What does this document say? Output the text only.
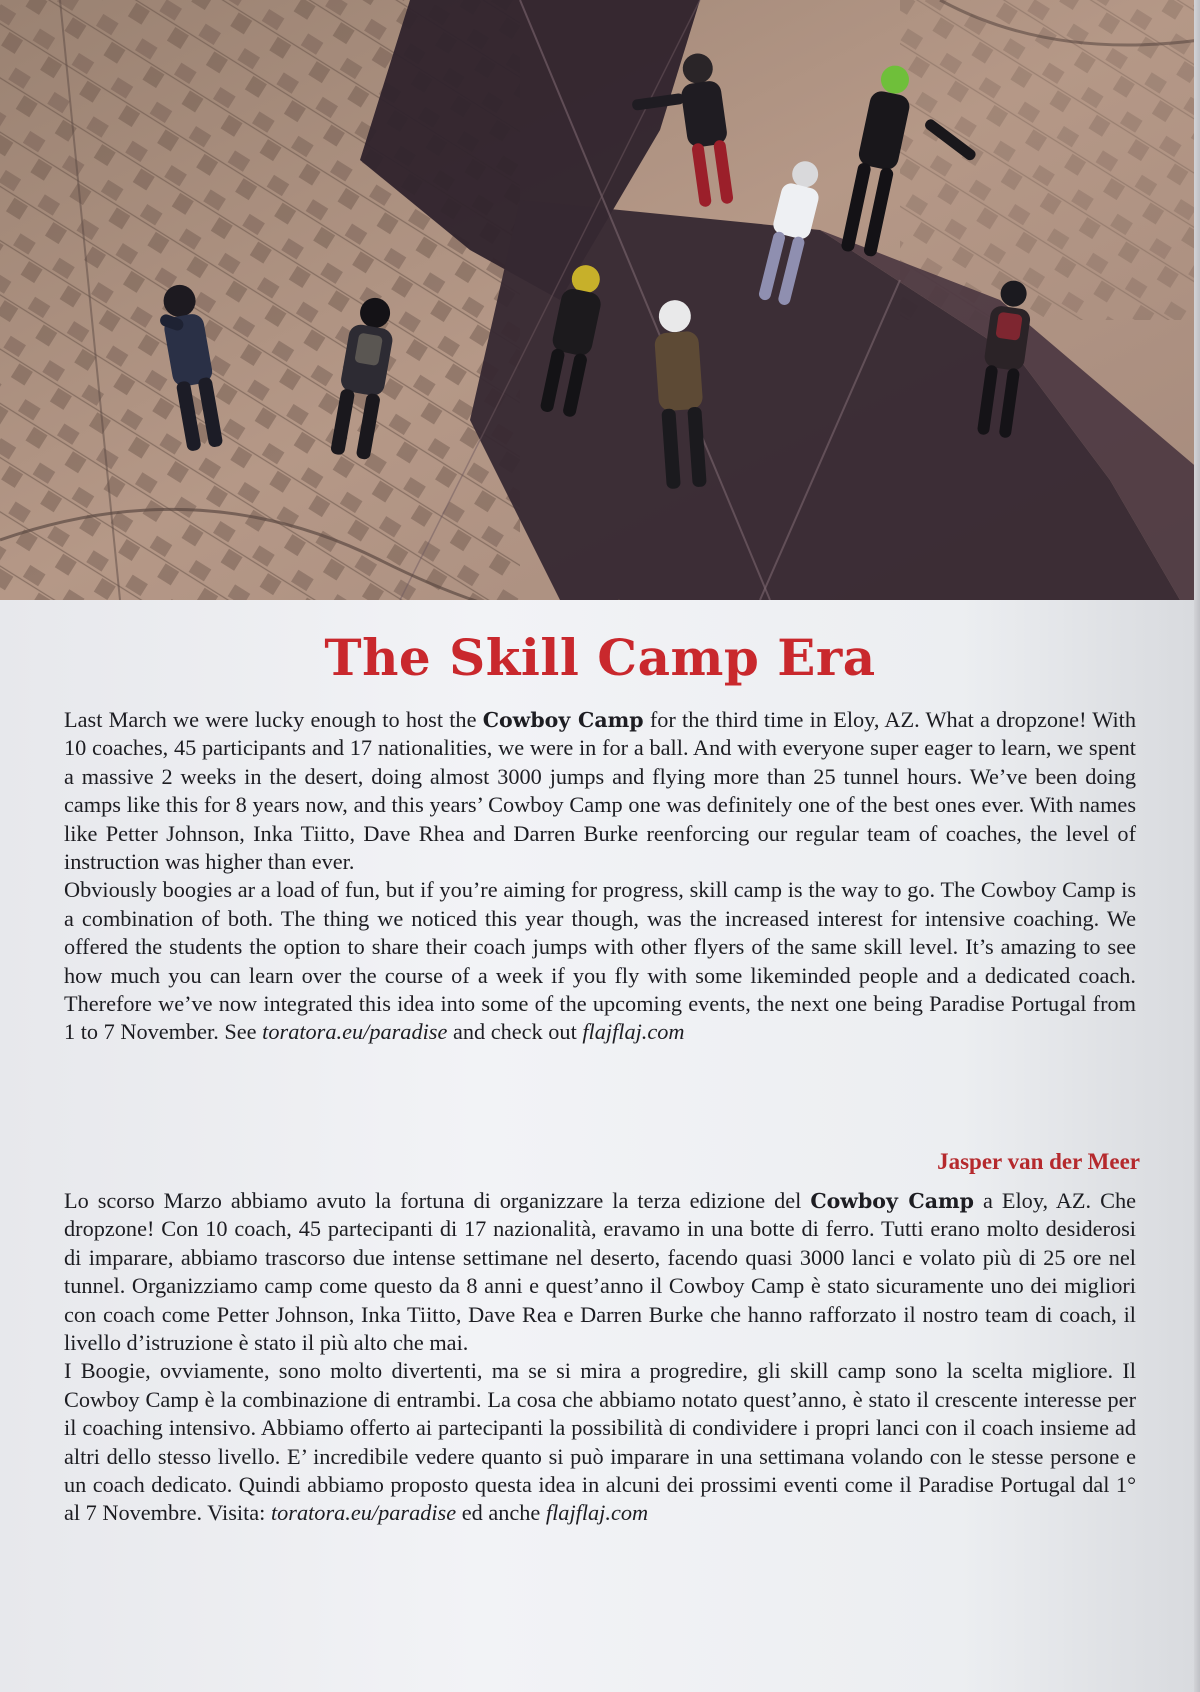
The Skill Camp Era

Last March we were lucky enough to host the Cowboy Camp for the third time in Eloy, AZ. What a dropzone! With 10 coaches, 45 participants and 17 nationalities, we were in for a ball. And with everyone super eager to learn, we spent a massive 2 weeks in the desert, doing almost 3000 jumps and flying more than 25 tunnel hours. We’ve been doing camps like this for 8 years now, and this years’ Cowboy Camp one was definitely one of the best ones ever. With names like Petter Johnson, Inka Tiitto, Dave Rhea and Darren Burke reenforcing our regular team of coaches, the level of instruction was higher than ever.

Obviously boogies ar a load of fun, but if you’re aiming for progress, skill camp is the way to go. The Cowboy Camp is a combination of both. The thing we noticed this year though, was the increased interest for intensive coaching. We offered the students the option to share their coach jumps with other flyers of the same skill level. It’s amazing to see how much you can learn over the course of a week if you fly with some likeminded people and a dedicated coach. Therefore we’ve now integrated this idea into some of the upcoming events, the next one being Paradise Portugal from 1 to 7 November. See toratora.eu/paradise and check out flajflaj.com

Jasper van der Meer

Lo scorso Marzo abbiamo avuto la fortuna di organizzare la terza edizione del Cowboy Camp a Eloy, AZ. Che dropzone! Con 10 coach, 45 partecipanti di 17 nazionalità, eravamo in una botte di ferro. Tutti erano molto desiderosi di imparare, abbiamo trascorso due intense settimane nel deserto, facendo quasi 3000 lanci e volato più di 25 ore nel tunnel. Organizziamo camp come questo da 8 anni e quest’anno il Cowboy Camp è stato sicuramente uno dei migliori con coach come Petter Johnson, Inka Tiitto, Dave Rea e Darren Burke che hanno rafforzato il nostro team di coach, il livello d’istruzione è stato il più alto che mai.

I Boogie, ovviamente, sono molto divertenti, ma se si mira a progredire, gli skill camp sono la scelta migliore. Il Cowboy Camp è la combinazione di entrambi. La cosa che abbiamo notato quest’anno, è stato il crescente interesse per il coaching intensivo. Abbiamo offerto ai partecipanti la possibilità di condividere i propri lanci con il coach insieme ad altri dello stesso livello. E’ incredibile vedere quanto si può imparare in una settimana volando con le stesse persone e un coach dedicato. Quindi abbiamo proposto questa idea in alcuni dei prossimi eventi come il Paradise Portugal dal 1° al 7 Novembre. Visita: toratora.eu/paradise ed anche flajflaj.com
